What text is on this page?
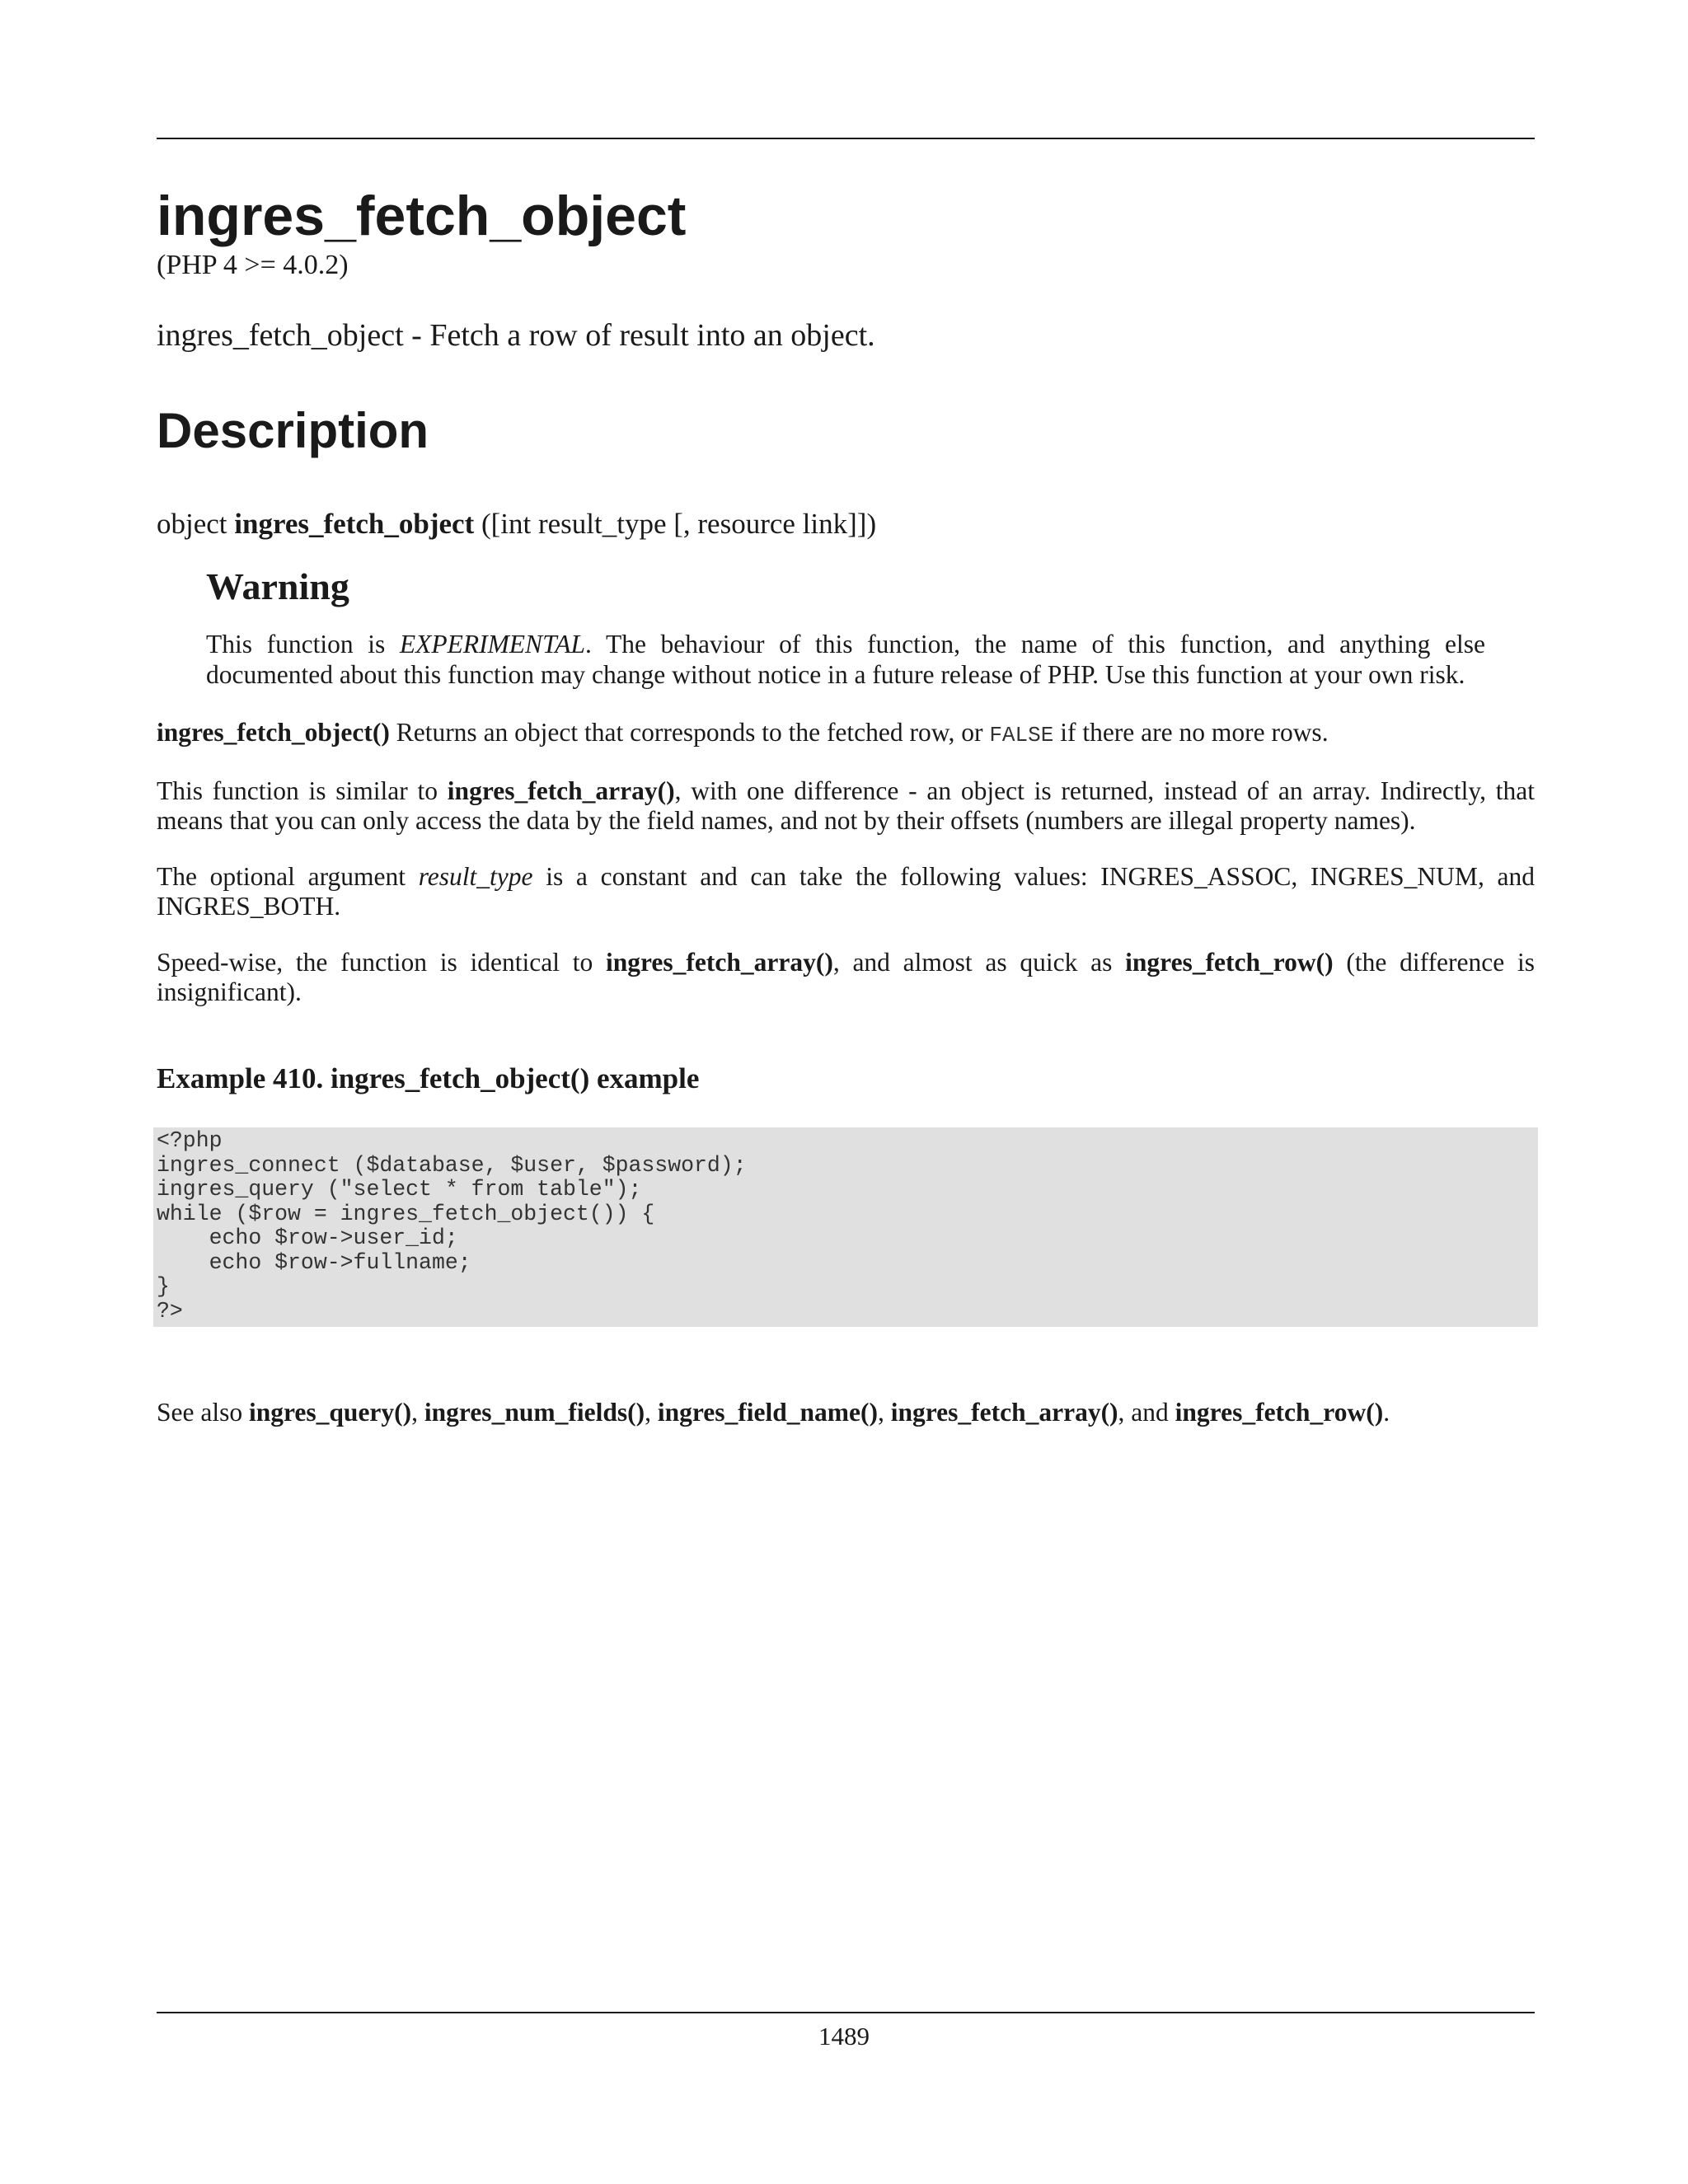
ingres_fetch_object
(PHP 4 >= 4.0.2)
ingres_fetch_object - Fetch a row of result into an object.
Description
object ingres_fetch_object ([int result_type [, resource link]])
Warning

This function is EXPERIMENTAL. The behaviour of this function, the name of this function, and anything else documented about this function may change without notice in a future release of PHP. Use this function at your own risk.

ingres_fetch_object() Returns an object that corresponds to the fetched row, or FALSE if there are no more rows.

This function is similar to ingres_fetch_array(), with one difference - an object is returned, instead of an array. Indirectly, that means that you can only access the data by the field names, and not by their offsets (numbers are illegal property names).

The optional argument result_type is a constant and can take the following values: INGRES_ASSOC, INGRES_NUM, and INGRES_BOTH.

Speed-wise, the function is identical to ingres_fetch_array(), and almost as quick as ingres_fetch_row() (the difference is insignificant).

Example 410. ingres_fetch_object() example
<?php
ingres_connect ($database, $user, $password);
ingres_query ("select * from table");
while ($row = ingres_fetch_object()) {
echo $row->user_id;
echo $row->fullname;
}
?>

See also ingres_query(), ingres_num_fields(), ingres_field_name(), ingres_fetch_array(), and ingres_fetch_row().

1489
